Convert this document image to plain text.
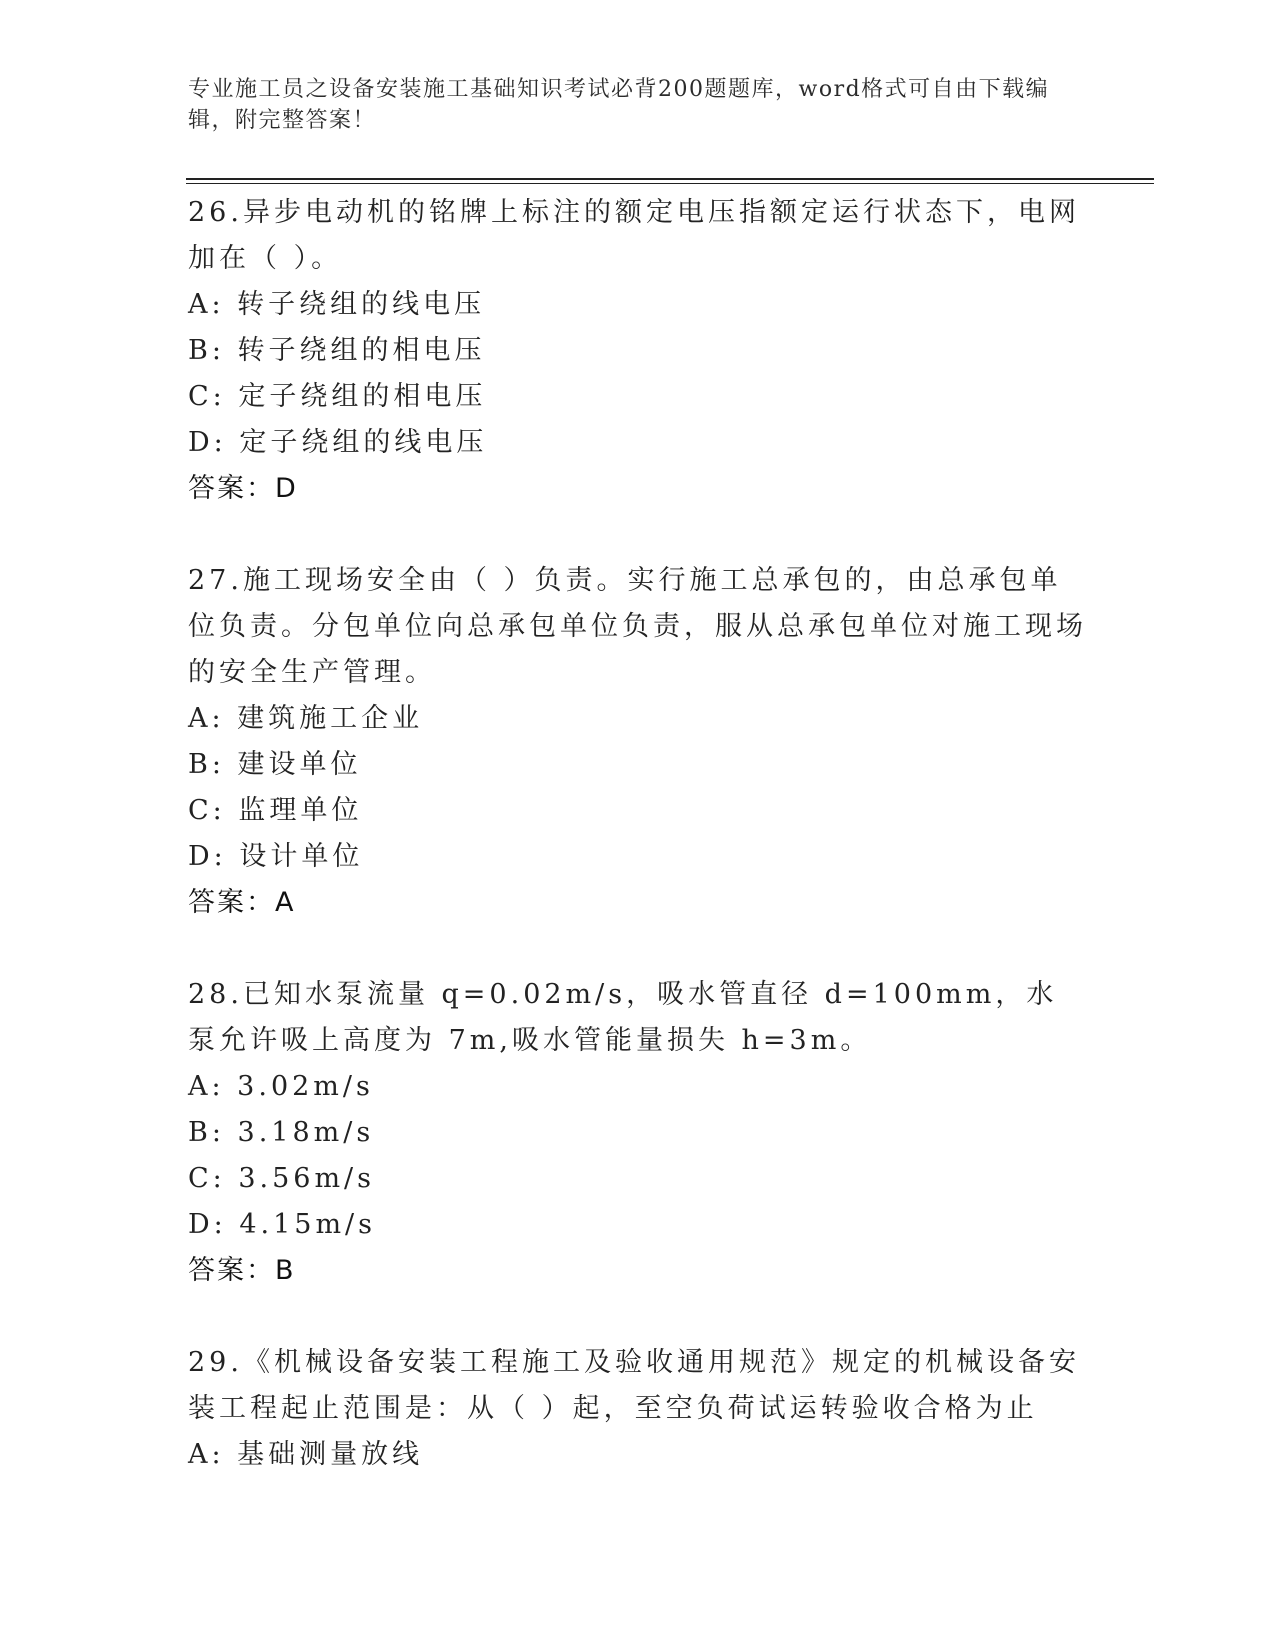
专业施工员之设备安装施工基础知识考试必背200题题库，word格式可自由下载编辑，附完整答案！

26.异步电动机的铭牌上标注的额定电压指额定运行状态下，电网加在（ ）。

A: 转子绕组的线电压

B: 转子绕组的相电压

C: 定子绕组的相电压

D: 定子绕组的线电压

答案：D

27.施工现场安全由（ ）负责。实行施工总承包的，由总承包单位负责。分包单位向总承包单位负责，服从总承包单位对施工现场的安全生产管理。

A: 建筑施工企业

B: 建设单位

C: 监理单位

D: 设计单位

答案：A

28.已知水泵流量 q=0.02m/s，吸水管直径 d=100mm，水泵允许吸上高度为 7m,吸水管能量损失 h=3m。

A: 3.02m/s

B: 3.18m/s

C: 3.56m/s

D: 4.15m/s

答案：B

29.《机械设备安装工程施工及验收通用规范》规定的机械设备安装工程起止范围是：从（ ）起，至空负荷试运转验收合格为止

A: 基础测量放线
